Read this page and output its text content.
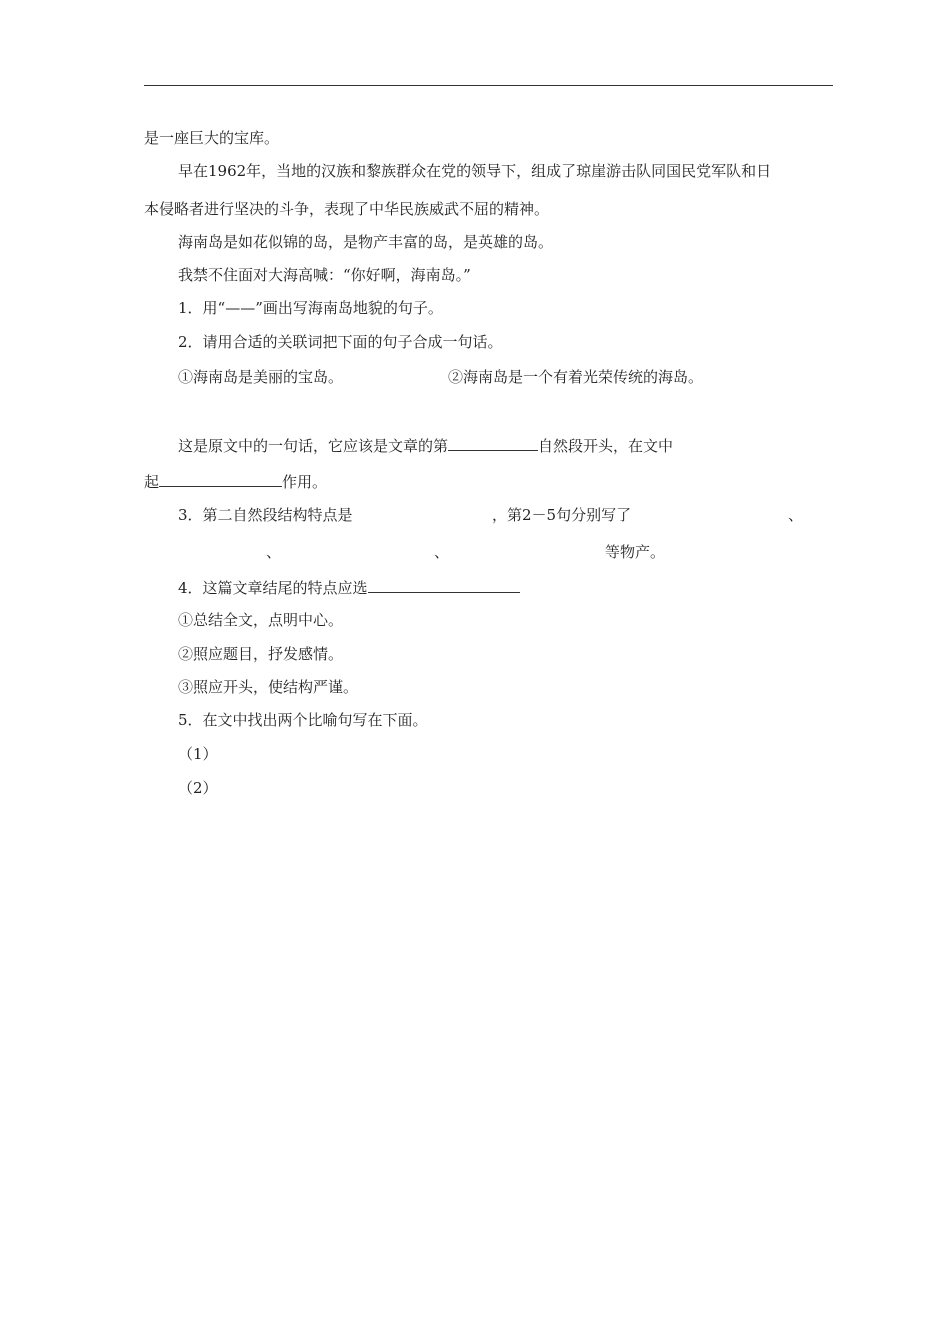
是一座巨大的宝库。
早在1962年，当地的汉族和黎族群众在党的领导下，组成了琼崖游击队同国民党军队和日
本侵略者进行坚决的斗争，表现了中华民族威武不屈的精神。
海南岛是如花似锦的岛，是物产丰富的岛，是英雄的岛。
我禁不住面对大海高喊：“你好啊，海南岛。”
1．用“——”画出写海南岛地貌的句子。
2．请用合适的关联词把下面的句子合成一句话。
①海南岛是美丽的宝岛。	②海南岛是一个有着光荣传统的海岛。
这是原文中的一句话，它应该是文章的第	自然段开头，在文中
起	作用。
3．第二自然段结构特点是	，第2－5句分别写了	、
、	、	等物产。
4．这篇文章结尾的特点应选
①总结全文，点明中心。
②照应题目，抒发感情。
③照应开头，使结构严谨。
5．在文中找出两个比喻句写在下面。
（1）
（2）
